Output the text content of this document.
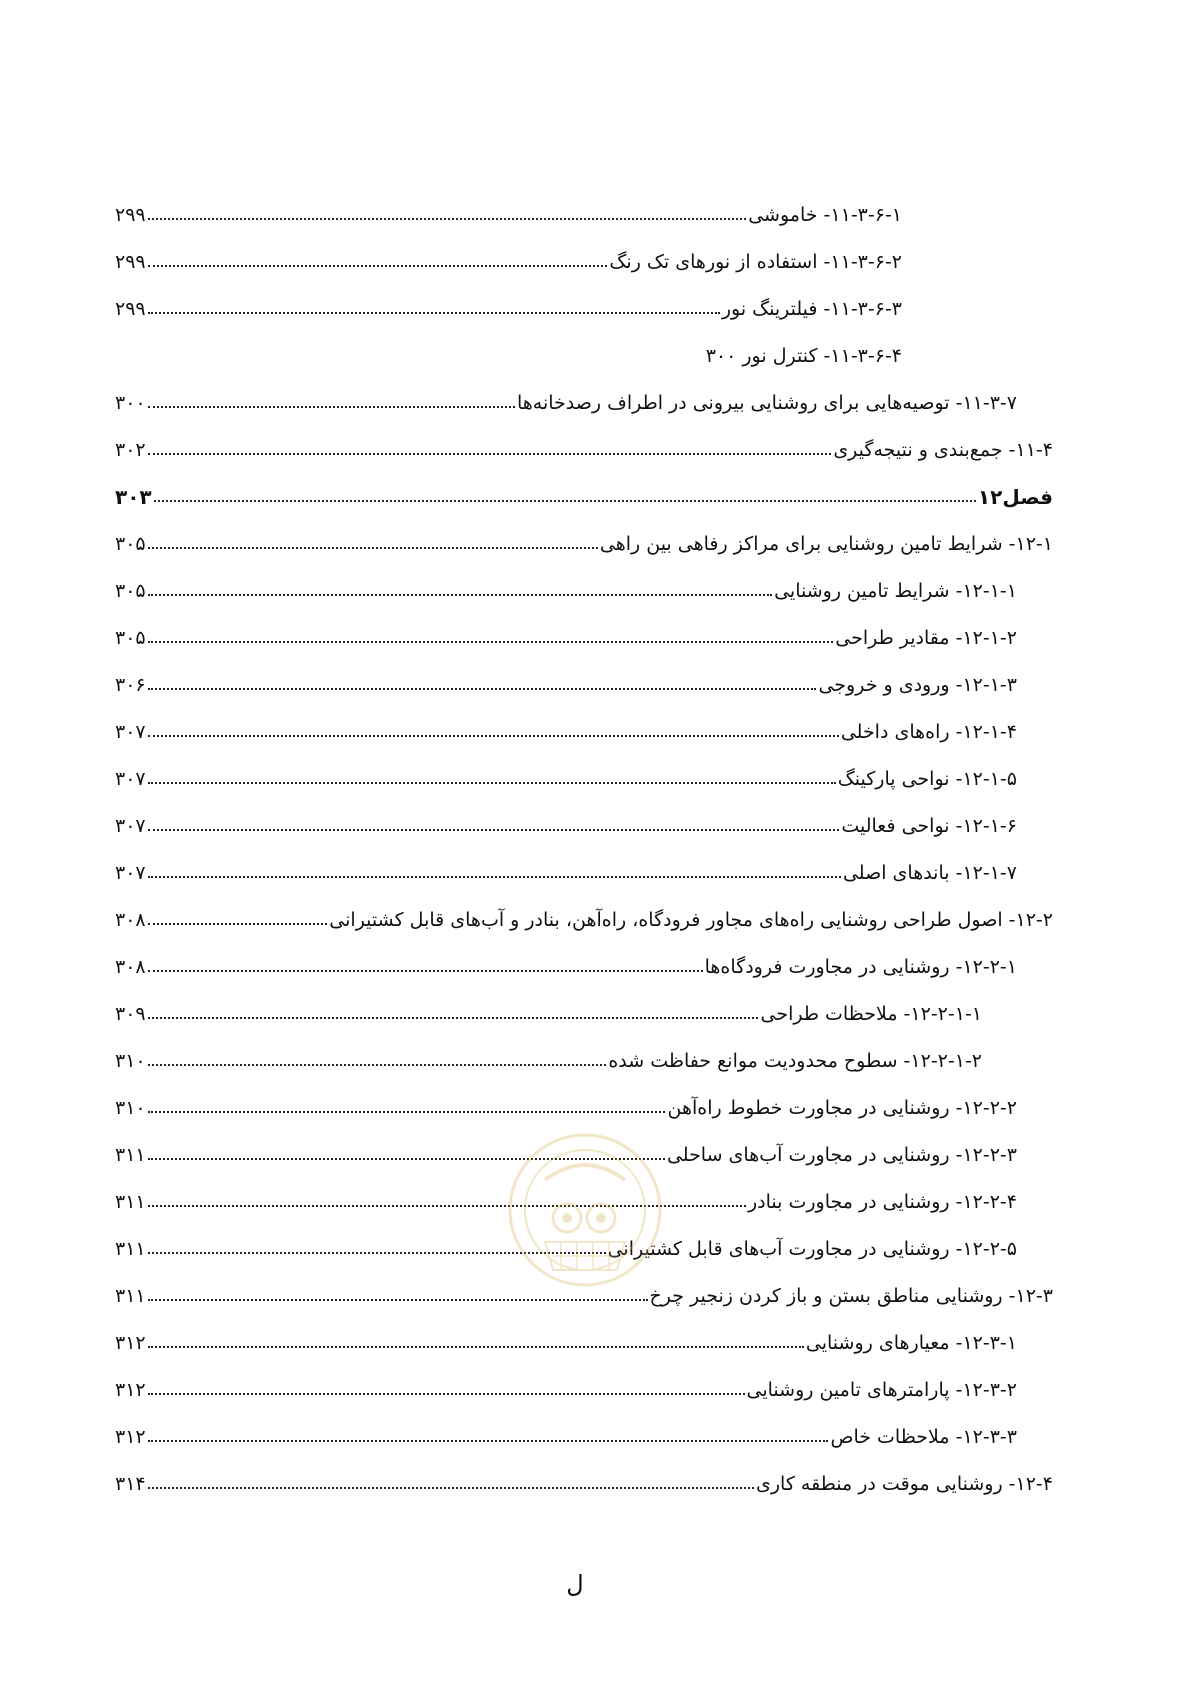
۲۹۹	۱۱-۳-۶-۱- خاموشی
۲۹۹	۱۱-۳-۶-۲- استفاده از نورهای تک رنگ
۲۹۹	۱۱-۳-۶-۳- فیلترینگ نور
۱۱-۳-۶-۴- کنترل نور ۳۰۰
۳۰۰	۱۱-۳-۷- توصیه‌هایی برای روشنایی بیرونی در اطراف رصدخانه‌ها
۳۰۲	۱۱-۴- جمع‌بندی و نتیجه‌گیری
۳۰۳	فصل۱۲
۳۰۵	۱۲-۱- شرایط تامین روشنایی برای مراکز رفاهی بین راهی
۳۰۵	۱۲-۱-۱- شرایط تامین روشنایی
۳۰۵	۱۲-۱-۲- مقادیر طراحی
۳۰۶	۱۲-۱-۳- ورودی و خروجی
۳۰۷	۱۲-۱-۴- راه‌های داخلی
۳۰۷	۱۲-۱-۵- نواحی پارکینگ
۳۰۷	۱۲-۱-۶- نواحی فعالیت
۳۰۷	۱۲-۱-۷- باندهای اصلی
۳۰۸	۱۲-۲- اصول طراحی روشنایی راه‌های مجاور فرودگاه، راه‌آهن، بنادر و آب‌های قابل کشتیرانی
۳۰۸	۱۲-۲-۱- روشنایی در مجاورت فرودگاه‌ها
۳۰۹	۱۲-۲-۱-۱- ملاحظات طراحی
۳۱۰	۱۲-۲-۱-۲- سطوح محدودیت موانع حفاظت شده
۳۱۰	۱۲-۲-۲- روشنایی در مجاورت خطوط راه‌آهن
۳۱۱	۱۲-۲-۳- روشنایی در مجاورت آب‌های ساحلی
۳۱۱	۱۲-۲-۴- روشنایی در مجاورت بنادر
۳۱۱	۱۲-۲-۵- روشنایی در مجاورت آب‌های قابل کشتیرانی
۳۱۱	۱۲-۳- روشنایی مناطق بستن و باز کردن زنجیر چرخ
۳۱۲	۱۲-۳-۱- معیارهای روشنایی
۳۱۲	۱۲-۳-۲- پارامترهای تامین روشنایی
۳۱۲	۱۲-۳-۳- ملاحظات خاص
۳۱۴	۱۲-۴- روشنایی موقت در منطقه کاری
ل
